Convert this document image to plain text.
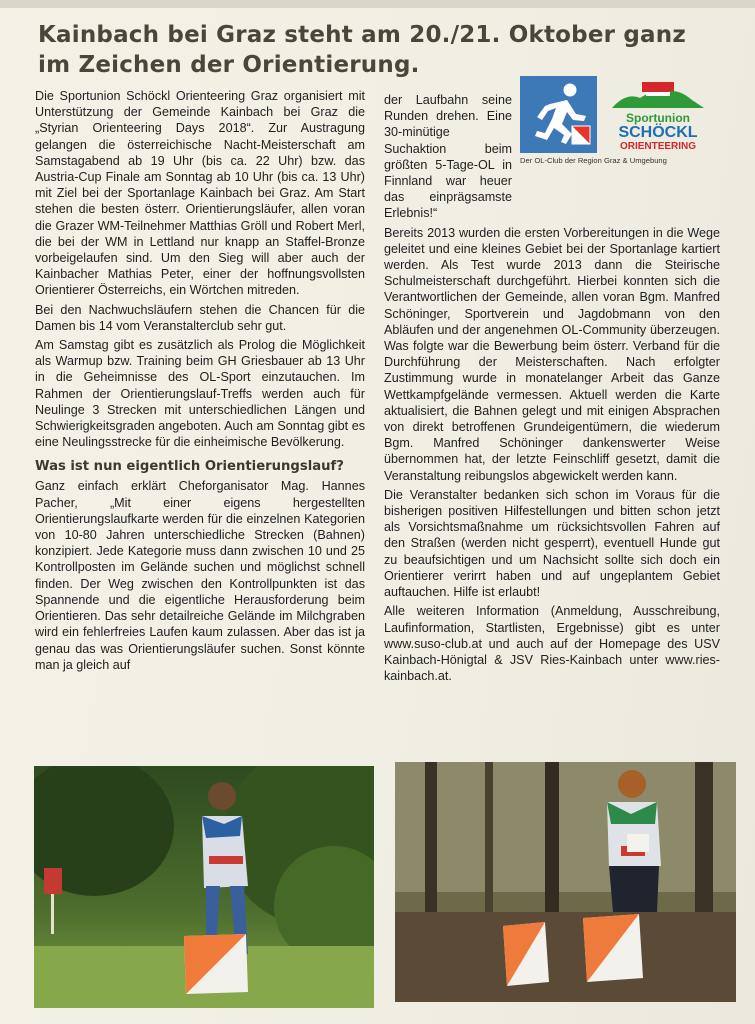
Kainbach bei Graz steht am 20./21. Oktober ganz im Zeichen der Orientierung.
Sportunion
SCHÖCKL
ORIENTEERING
Der OL-Club der Region Graz & Umgebung

Die Sportunion Schöckl Orienteering Graz organisiert mit Unterstützung der Gemeinde Kainbach bei Graz die „Styrian Orienteering Days 2018“. Zur Austragung gelangen die österreichische Nacht-Meisterschaft am Samstagabend ab 19 Uhr (bis ca. 22 Uhr) bzw. das Austria-Cup Finale am Sonntag ab 10 Uhr (bis ca. 13 Uhr) mit Ziel bei der Sportanlage Kainbach bei Graz. Am Start stehen die besten österr. Orientierungsläufer, allen voran die Grazer WM-Teilnehmer Matthias Gröll und Robert Merl, die bei der WM in Lettland nur knapp an Staffel-Bronze vorbeigelaufen sind. Um den Sieg will aber auch der Kainbacher Mathias Peter, einer der hoffnungsvollsten Orientierer Österreichs, ein Wörtchen mitreden.

Bei den Nachwuchsläufern stehen die Chancen für die Damen bis 14 vom Veranstalterclub sehr gut.

Am Samstag gibt es zusätzlich als Prolog die Möglichkeit als Warmup bzw. Training beim GH Griesbauer ab 13 Uhr in die Geheimnisse des OL-Sport einzutauchen. Im Rahmen der Orientierungslauf-Treffs werden auch für Neulinge 3 Strecken mit unterschiedlichen Längen und Schwierigkeitsgraden angeboten. Auch am Sonntag gibt es eine Neulingsstrecke für die einheimische Bevölkerung.

Was ist nun eigentlich Orientierungslauf?

Ganz einfach erklärt Cheforganisator Mag. Hannes Pacher, „Mit einer eigens hergestellten Orientierungslaufkarte werden für die einzelnen Kategorien von 10-80 Jahren unterschiedliche Strecken (Bahnen) konzipiert. Jede Kategorie muss dann zwischen 10 und 25 Kontrollposten im Gelände suchen und möglichst schnell finden. Der Weg zwischen den Kontrollpunkten ist das Spannende und die eigentliche Herausforderung beim Orientieren. Das sehr detailreiche Gelände im Milchgraben wird ein fehlerfreies Laufen kaum zulassen. Aber das ist ja genau das was Orientierungsläufer suchen. Sonst könnte man ja gleich auf

der Laufbahn seine Runden drehen. Eine 30-minütige Suchaktion beim größten 5-Tage-OL in Finnland war heuer das einprägsamste Erlebnis!“

Bereits 2013 wurden die ersten Vorbereitungen in die Wege geleitet und eine kleines Gebiet bei der Sportanlage kartiert werden. Als Test wurde 2013 dann die Steirische Schulmeisterschaft durchgeführt. Hierbei konnten sich die Verantwortlichen der Gemeinde, allen voran Bgm. Manfred Schöninger, Sportverein und Jagdobmann von den Abläufen und der angenehmen OL-Community überzeugen. Was folgte war die Bewerbung beim österr. Verband für die Durchführung der Meisterschaften. Nach erfolgter Zustimmung wurde in monatelanger Arbeit das Ganze Wettkampfgelände vermessen. Aktuell werden die Karte aktualisiert, die Bahnen gelegt und mit einigen Absprachen von direkt betroffenen Grundeigentümern, die wiederum Bgm. Manfred Schöninger dankenswerter Weise übernommen hat, der letzte Feinschliff gesetzt, damit die Veranstaltung reibungslos abgewickelt werden kann.

Die Veranstalter bedanken sich schon im Voraus für die bisherigen positiven Hilfestellungen und bitten schon jetzt als Vorsichtsmaßnahme um rücksichtsvollen Fahren auf den Straßen (werden nicht gesperrt), eventuell Hunde gut zu beaufsichtigen und um Nachsicht sollte sich doch ein Orientierer verirrt haben und auf ungeplantem Gebiet auftauchen. Hilfe ist erlaubt!

Alle weiteren Information (Anmeldung, Ausschreibung, Laufinformation, Startlisten, Ergebnisse) gibt es unter www.suso-club.at und auch auf der Homepage des USV Kainbach-Hönigtal & JSV Ries-Kainbach unter www.ries-kainbach.at.
